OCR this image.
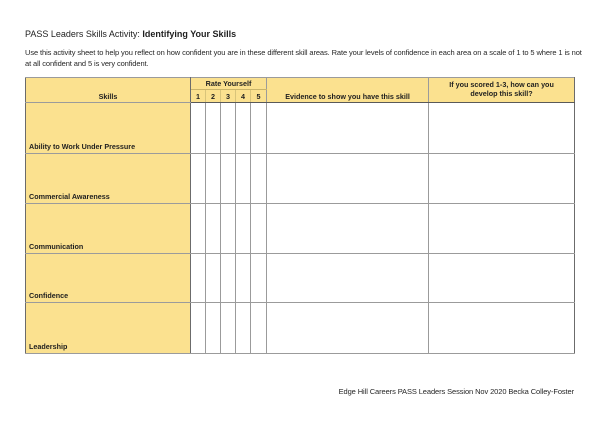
PASS Leaders Skills Activity: Identifying Your Skills
Use this activity sheet to help you reflect on how confident you are in these different skill areas. Rate your levels of confidence in each area on a scale of 1 to 5 where 1 is not at all confident and 5 is very confident.
Skills	Rate Yourself					Evidence to show you have this skill	If you scored 1-3, how can you develop this skill?
	1	2	3	4	5		
Ability to Work Under Pressure							
Commercial Awareness							
Communication							
Confidence							
Leadership							
Edge Hill Careers PASS Leaders Session Nov 2020 Becka Colley-Foster
